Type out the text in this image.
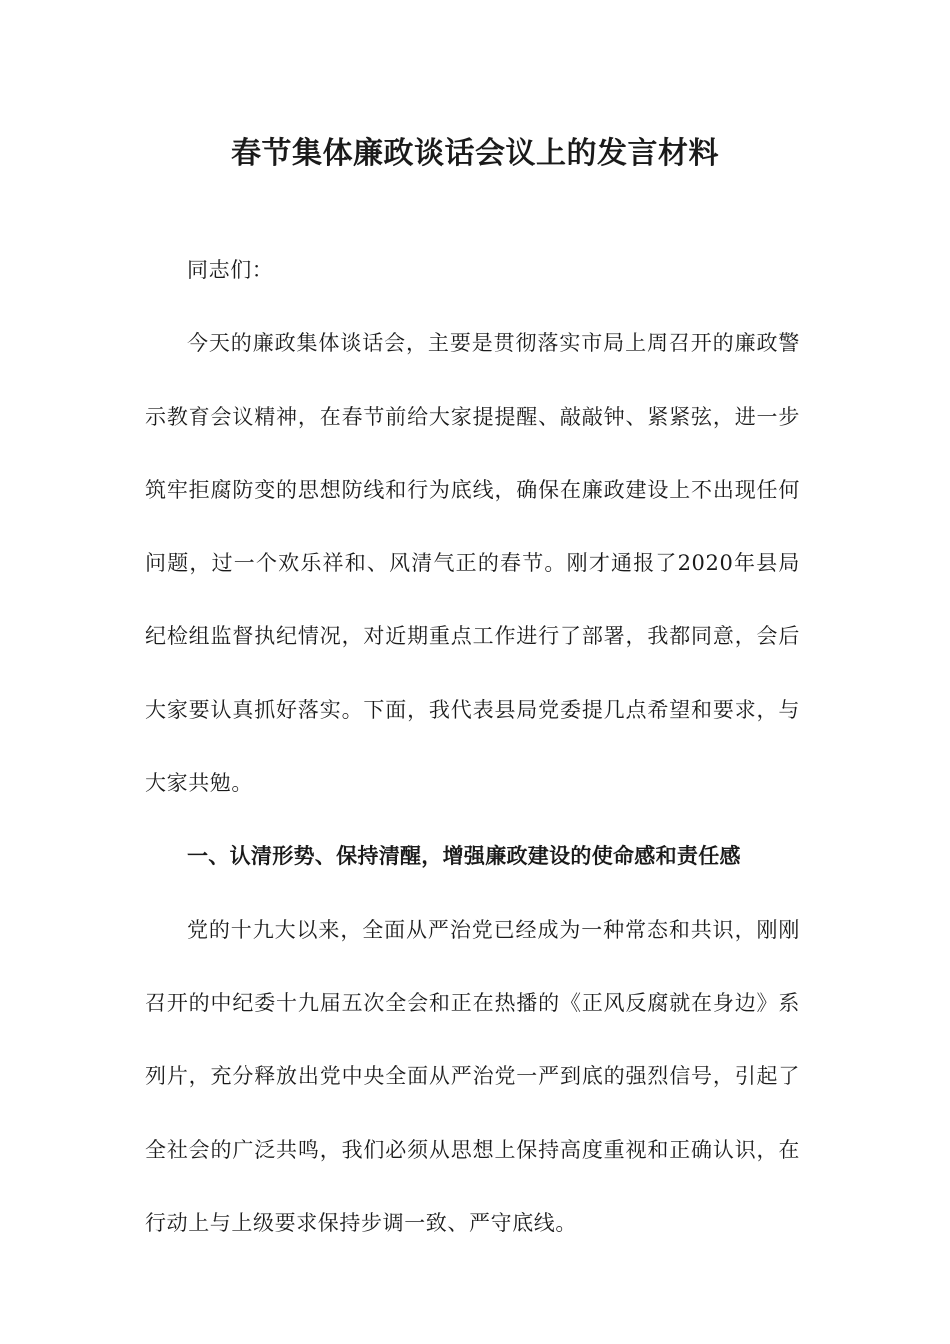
春节集体廉政谈话会议上的发言材料

同志们：

今天的廉政集体谈话会，主要是贯彻落实市局上周召开的廉政警示教育会议精神，在春节前给大家提提醒、敲敲钟、紧紧弦，进一步筑牢拒腐防变的思想防线和行为底线，确保在廉政建设上不出现任何问题，过一个欢乐祥和、风清气正的春节。刚才通报了2020年县局纪检组监督执纪情况，对近期重点工作进行了部署，我都同意，会后大家要认真抓好落实。下面，我代表县局党委提几点希望和要求，与大家共勉。

一、认清形势、保持清醒，增强廉政建设的使命感和责任感

党的十九大以来，全面从严治党已经成为一种常态和共识，刚刚召开的中纪委十九届五次全会和正在热播的《正风反腐就在身边》系列片，充分释放出党中央全面从严治党一严到底的强烈信号，引起了全社会的广泛共鸣，我们必须从思想上保持高度重视和正确认识，在行动上与上级要求保持步调一致、严守底线。
